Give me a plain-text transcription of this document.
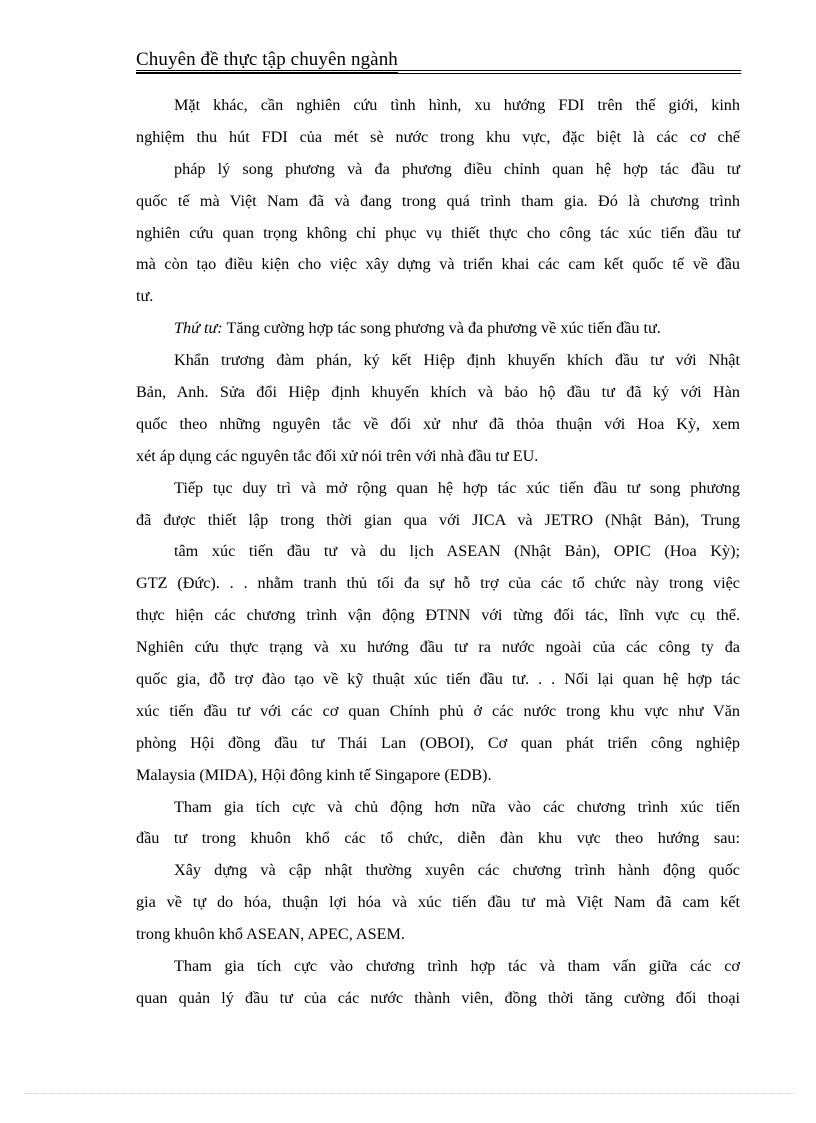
Chuyên đề thực tập chuyên ngành
Mặt khác, cần nghiên cứu tình hình, xu hướng FDI trên thế giới, kinh
nghiệm thu hút FDI của mét sè nước trong khu vực, đặc biệt là các cơ chế
pháp lý song phương và đa phương điều chỉnh quan hệ hợp tác đầu tư
quốc tế mà Việt Nam đã và đang trong quá trình tham gia. Đó là chương trình
nghiên cứu quan trọng không chỉ phục vụ thiết thực cho công tác xúc tiến đầu tư
mà còn tạo điều kiện cho việc xây dựng và triển khai các cam kết quốc tế về đầu
tư.
Thứ tư: Tăng cường hợp tác song phương và đa phương về xúc tiến đầu tư.
Khẩn trương đàm phán, ký kết Hiệp định khuyến khích đầu tư với Nhật
Bản, Anh. Sửa đổi Hiệp định khuyến khích và bảo hộ đầu tư đã ký với Hàn
quốc theo những nguyên tắc về đối xử như đã thỏa thuận với Hoa Kỳ, xem
xét áp dụng các nguyên tắc đối xử nói trên với nhà đầu tư EU.
Tiếp tục duy trì và mở rộng quan hệ hợp tác xúc tiến đầu tư song phương
đã được thiết lập trong thời gian qua với JICA và JETRO (Nhật Bản), Trung
tâm xúc tiến đầu tư và du lịch ASEAN (Nhật Bản), OPIC (Hoa Kỳ);
GTZ (Đức). . . nhằm tranh thủ tối đa sự hỗ trợ của các tổ chức này trong việc
thực hiện các chương trình vận động ĐTNN với từng đối tác, lĩnh vực cụ thể.
Nghiên cứu thực trạng và xu hướng đầu tư ra nước ngoài của các công ty đa
quốc gia, đỗ trợ đào tạo về kỹ thuật xúc tiến đầu tư. . . Nối lại quan hệ hợp tác
xúc tiến đầu tư với các cơ quan Chính phủ ở các nước trong khu vực như Văn
phòng Hội đồng đầu tư Thái Lan (OBOI), Cơ quan phát triển công nghiệp
Malaysia (MIDA), Hội đông kinh tế Singapore (EDB).
Tham gia tích cực và chủ động hơn nữa vào các chương trình xúc tiến
đầu tư trong khuôn khổ các tổ chức, diễn đàn khu vực theo hướng sau:
Xây dựng và cập nhật thường xuyên các chương trình hành động quốc
gia về tự do hóa, thuận lợi hóa và xúc tiến đầu tư mà Việt Nam đã cam kết
trong khuôn khổ ASEAN, APEC, ASEM.
Tham gia tích cực vào chương trình hợp tác và tham vấn giữa các cơ
quan quản lý đầu tư của các nước thành viên, đồng thời tăng cường đối thoại
